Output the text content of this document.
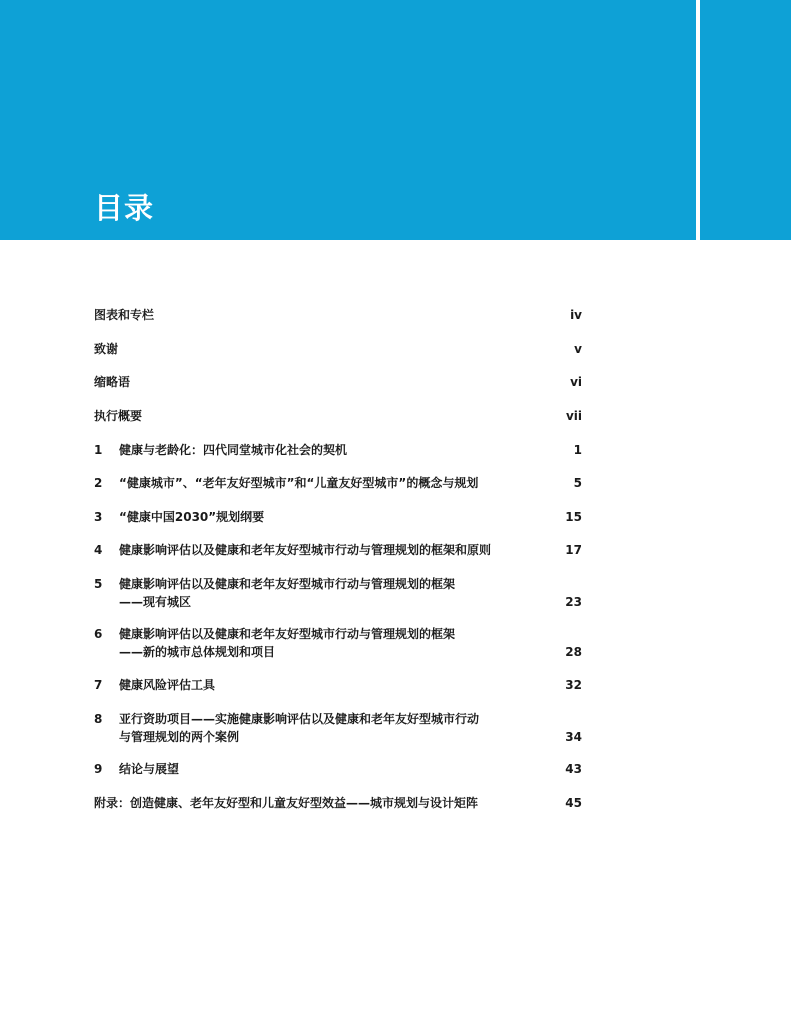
目录
图表和专栏	iv
致谢	v
缩略语	vi
执行概要	vii
1 健康与老龄化：四代同堂城市化社会的契机	1
2 “健康城市”、“老年友好型城市”和“儿童友好型城市”的概念与规划	5
3 “健康中国2030”规划纲要	15
4 健康影响评估以及健康和老年友好型城市行动与管理规划的框架和原则	17
5 健康影响评估以及健康和老年友好型城市行动与管理规划的框架
——现有城区	23
6 健康影响评估以及健康和老年友好型城市行动与管理规划的框架
——新的城市总体规划和项目	28
7 健康风险评估工具	32
8 亚行资助项目——实施健康影响评估以及健康和老年友好型城市行动
与管理规划的两个案例	34
9 结论与展望	43
附录：创造健康、老年友好型和儿童友好型效益——城市规划与设计矩阵	45
